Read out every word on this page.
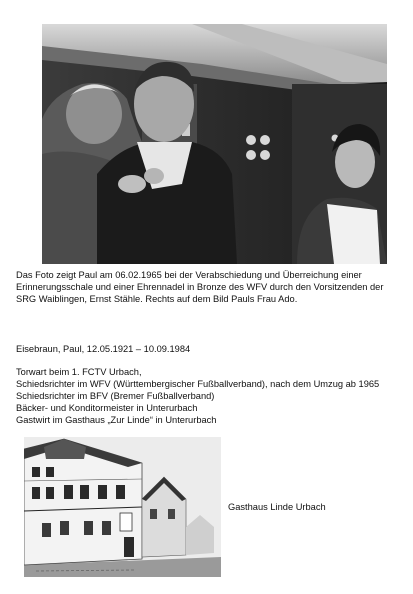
Das Foto zeigt Paul am 06.02.1965 bei der Verabschiedung und Überreichung einer
Erinnerungsschale und einer Ehrennadel in Bronze des WFV durch den Vorsitzenden der
SRG Waiblingen, Ernst Stähle. Rechts auf dem Bild Pauls Frau Ado.
Eisebraun, Paul, 12.05.1921 – 10.09.1984
Torwart beim 1. FCTV Urbach,
Schiedsrichter im WFV (Württembergischer Fußballverband), nach dem Umzug ab 1965
Schiedsrichter im BFV (Bremer Fußballverband)
Bäcker- und Konditormeister in Unterurbach
Gastwirt im Gasthaus „Zur Linde“ in Unterurbach
Gasthaus Linde Urbach
